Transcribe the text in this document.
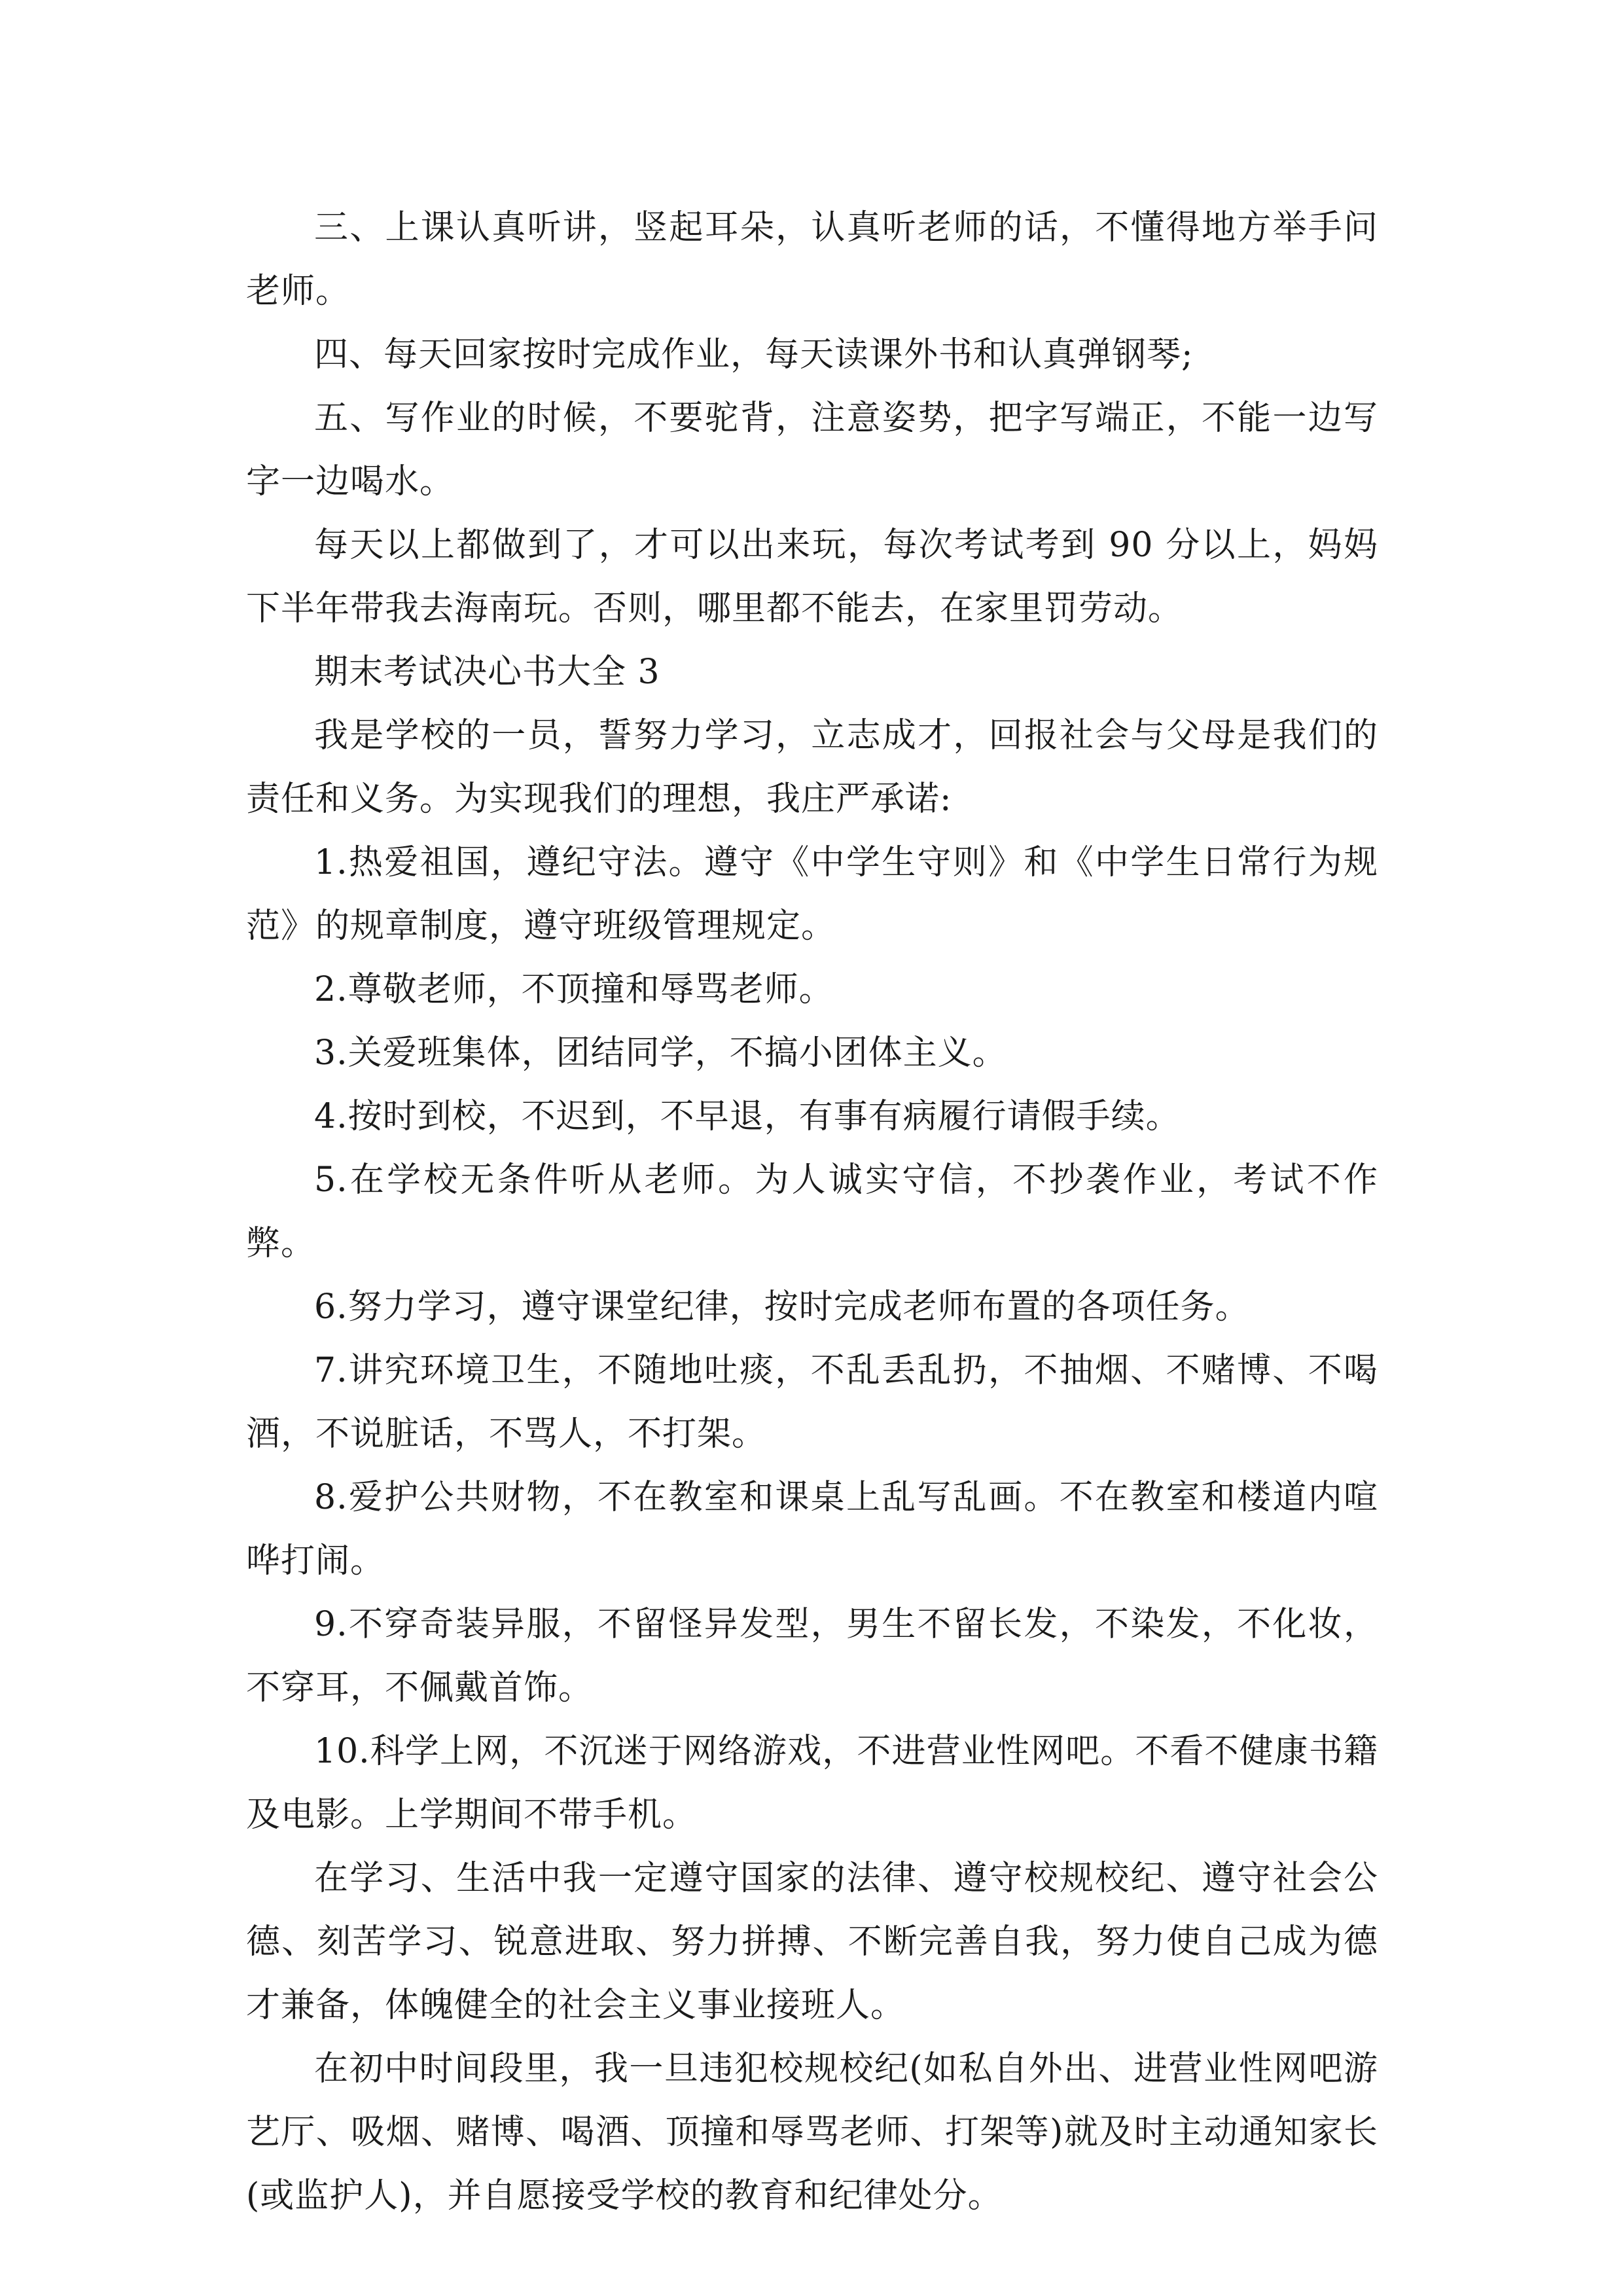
三、上课认真听讲，竖起耳朵，认真听老师的话，不懂得地方举手问老师。

四、每天回家按时完成作业，每天读课外书和认真弹钢琴;

五、写作业的时候，不要驼背，注意姿势，把字写端正，不能一边写字一边喝水。

每天以上都做到了，才可以出来玩，每次考试考到 90 分以上，妈妈下半年带我去海南玩。否则，哪里都不能去，在家里罚劳动。

期末考试决心书大全 3

我是学校的一员，誓努力学习，立志成才，回报社会与父母是我们的责任和义务。为实现我们的理想，我庄严承诺:

1.热爱祖国，遵纪守法。遵守《中学生守则》和《中学生日常行为规范》的规章制度，遵守班级管理规定。

2.尊敬老师，不顶撞和辱骂老师。

3.关爱班集体，团结同学，不搞小团体主义。

4.按时到校，不迟到，不早退，有事有病履行请假手续。

5.在学校无条件听从老师。为人诚实守信，不抄袭作业，考试不作弊。

6.努力学习，遵守课堂纪律，按时完成老师布置的各项任务。

7.讲究环境卫生，不随地吐痰，不乱丢乱扔，不抽烟、不赌博、不喝酒，不说脏话，不骂人，不打架。

8.爱护公共财物，不在教室和课桌上乱写乱画。不在教室和楼道内喧哗打闹。

9.不穿奇装异服，不留怪异发型，男生不留长发，不染发，不化妆，不穿耳，不佩戴首饰。

10.科学上网，不沉迷于网络游戏，不进营业性网吧。不看不健康书籍及电影。上学期间不带手机。

在学习、生活中我一定遵守国家的法律、遵守校规校纪、遵守社会公德、刻苦学习、锐意进取、努力拼搏、不断完善自我，努力使自己成为德才兼备，体魄健全的社会主义事业接班人。

在初中时间段里，我一旦违犯校规校纪(如私自外出、进营业性网吧游艺厅、吸烟、赌博、喝酒、顶撞和辱骂老师、打架等)就及时主动通知家长(或监护人)，并自愿接受学校的教育和纪律处分。
